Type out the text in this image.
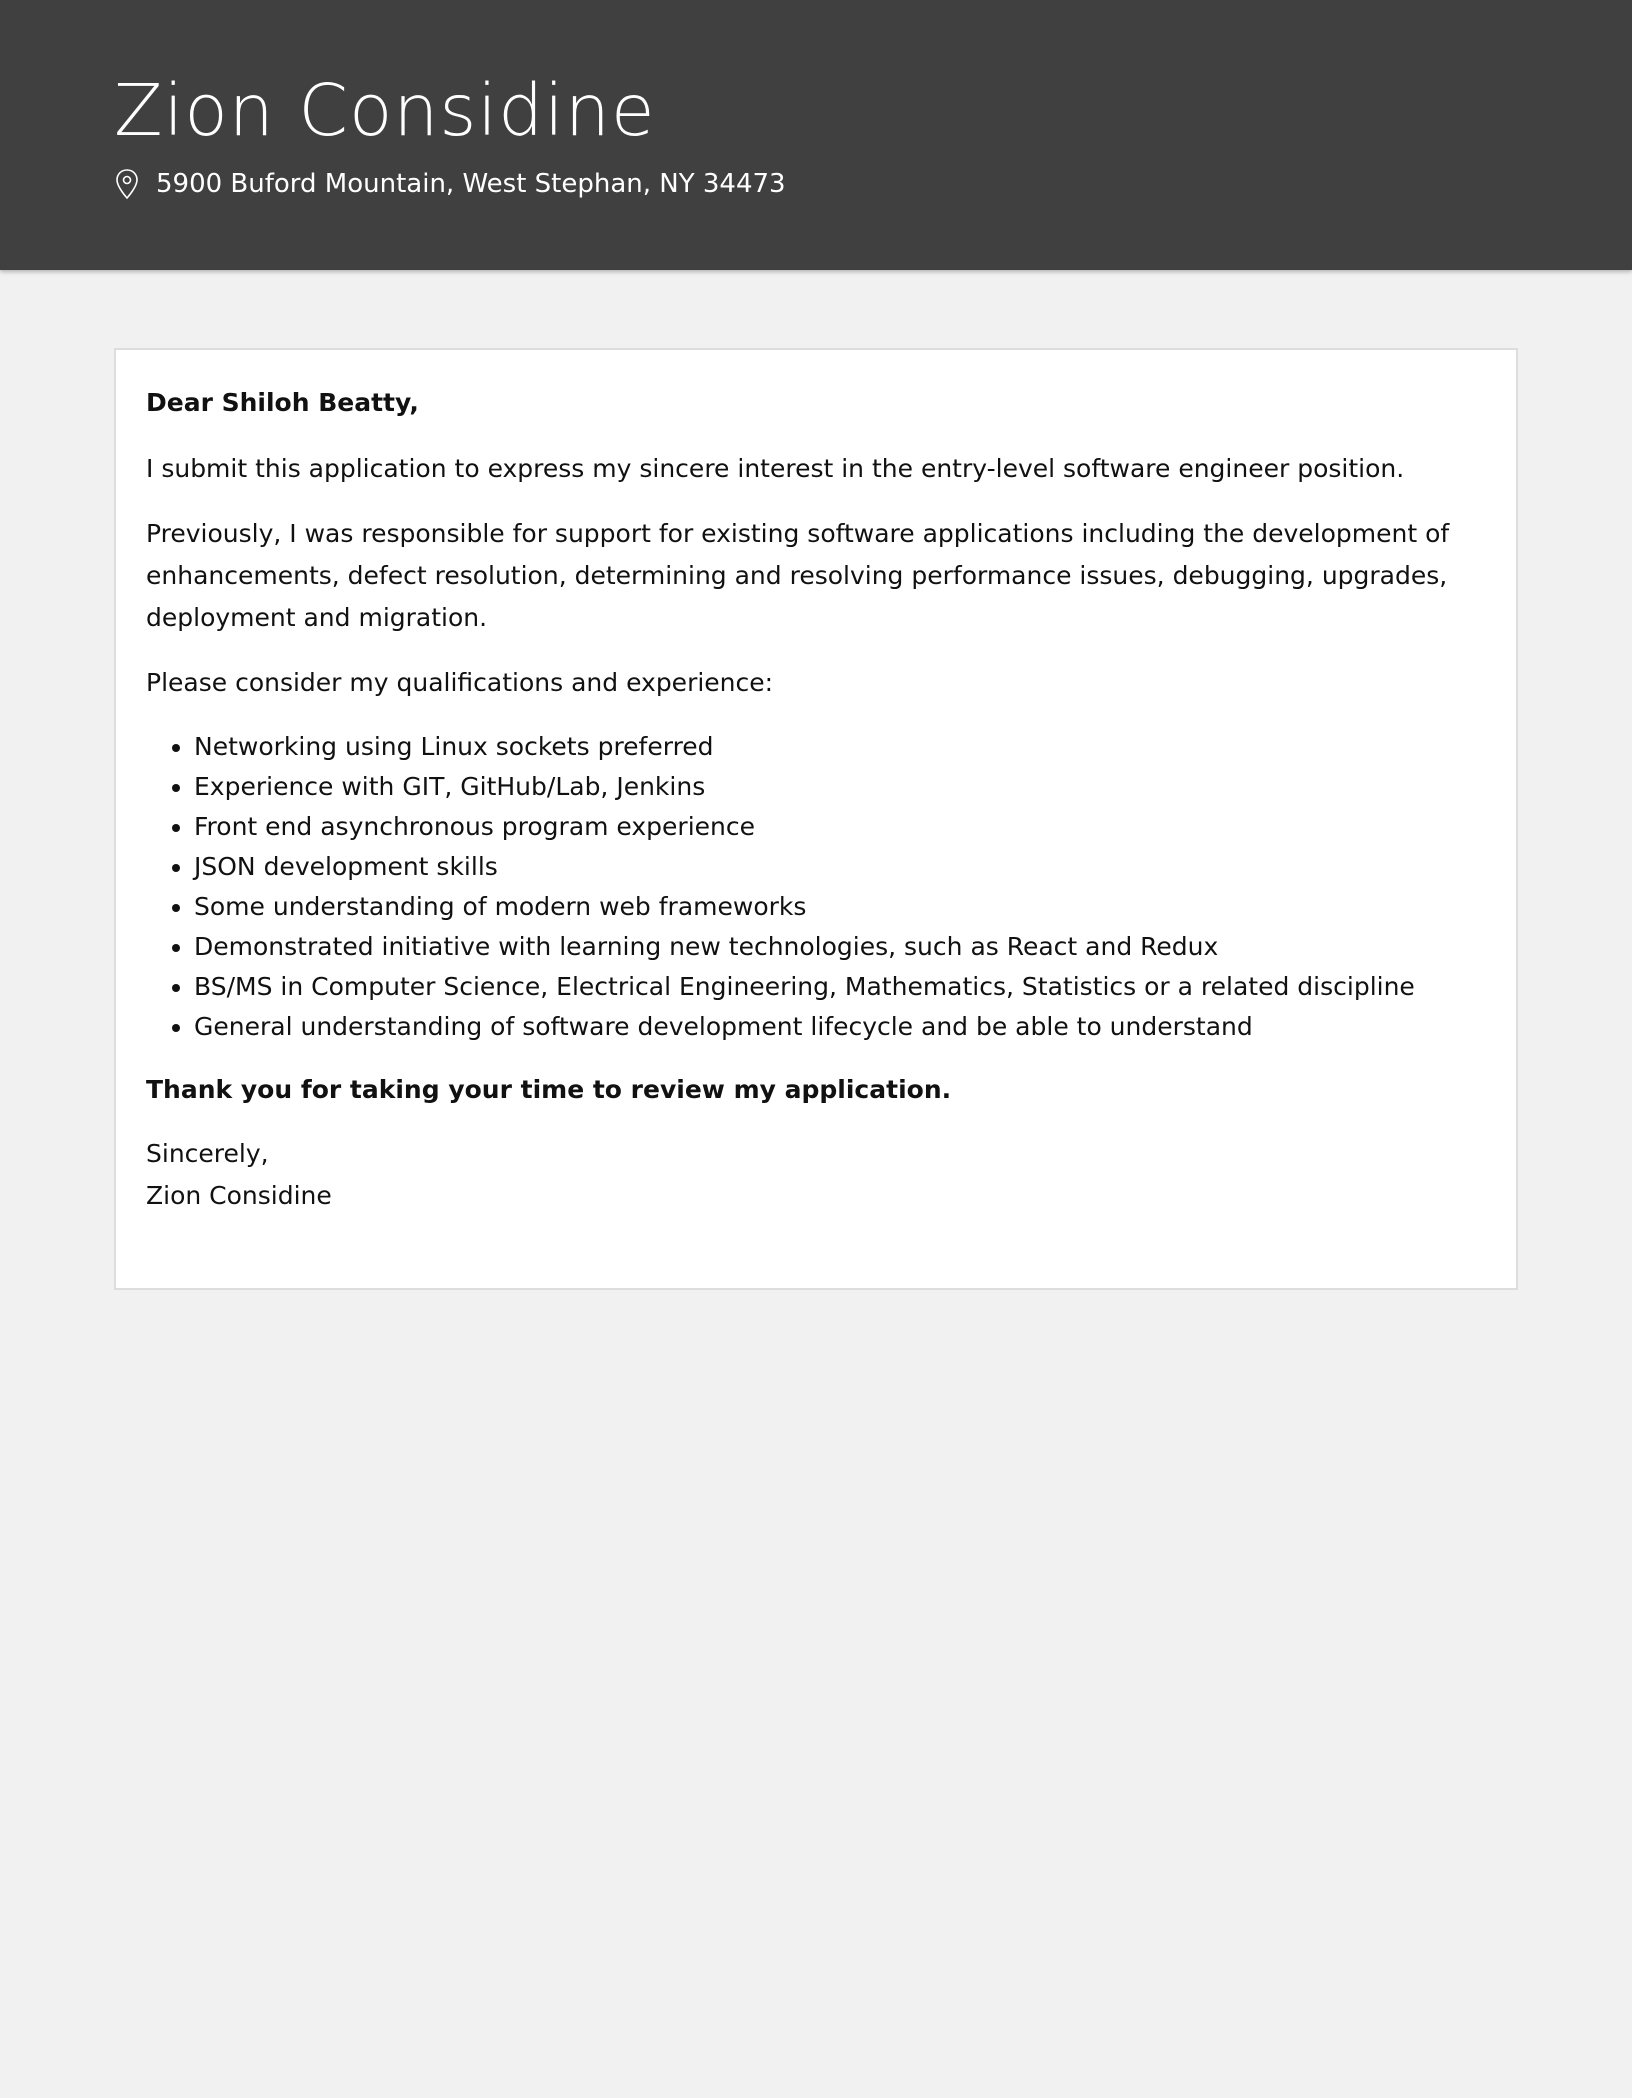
Zion Considine
5900 Buford Mountain, West Stephan, NY 34473

Dear Shiloh Beatty,

I submit this application to express my sincere interest in the entry-level software engineer position.

Previously, I was responsible for support for existing software applications including the development of enhancements, defect resolution, determining and resolving performance issues, debugging, upgrades, deployment and migration.

Please consider my qualifications and experience:

• Networking using Linux sockets preferred
• Experience with GIT, GitHub/Lab, Jenkins
• Front end asynchronous program experience
• JSON development skills
• Some understanding of modern web frameworks
• Demonstrated initiative with learning new technologies, such as React and Redux
• BS/MS in Computer Science, Electrical Engineering, Mathematics, Statistics or a related discipline
• General understanding of software development lifecycle and be able to understand

Thank you for taking your time to review my application.

Sincerely,

Zion Considine
